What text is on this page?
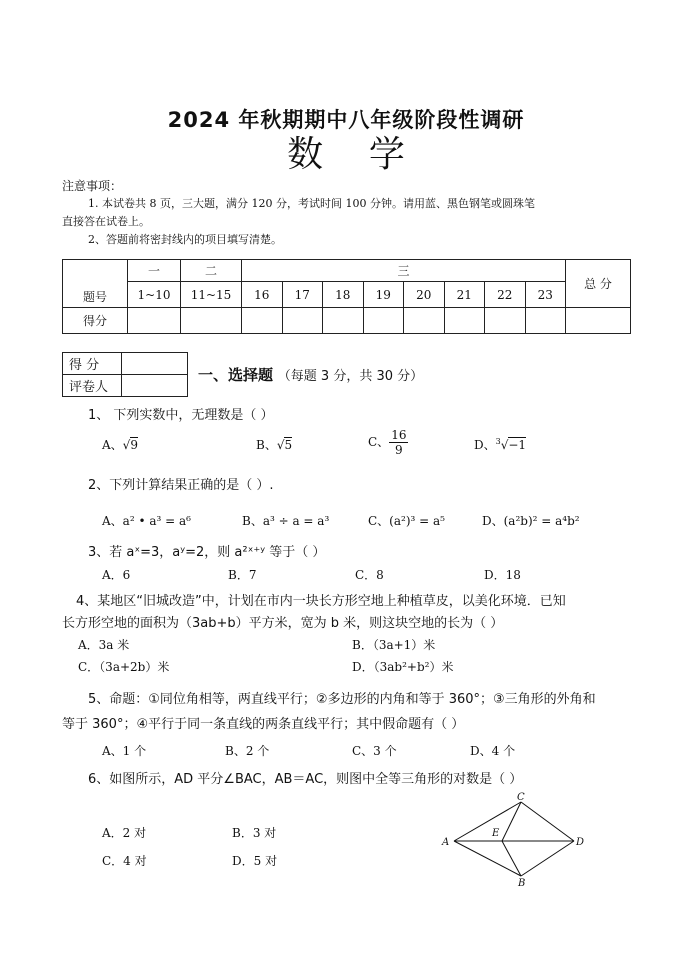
2024 年秋期期中八年级阶段性调研
数    学
注意事项：
1. 本试卷共 8 页，三大题，满分 120 分，考试时间 100 分钟。请用蓝、黑色钢笔或圆珠笔
直接答在试卷上。
2、答题前将密封线内的项目填写清楚。
题号	一	二	三								总 分
	1~10	11~15	16	17	18	19	20	21	22	23	
得分											
得 分	
评卷人	
一、选择题 （每题 3 分，共 30 分）
1、 下列实数中，无理数是（ ）
A、√9	B、√5	C、 $\frac{16}{9}$	D、$^3$√−1
2、下列计算结果正确的是（ ）.
A、a² • a³ = a⁶	B、a³ ÷ a = a³	C、(a²)³ = a⁵	D、(a²b)² = a⁴b²
3、若 aˣ=3，aʸ=2，则 a²ˣ⁺ʸ 等于（ ）
A．6	B．7	C．8	D．18
4、某地区“旧城改造”中，计划在市内一块长方形空地上种植草皮，以美化环境．已知
长方形空地的面积为（3ab+b）平方米，宽为 b 米，则这块空地的长为（ ）
A．3a 米	B．（3a+1）米
C．（3a+2b）米	D．（3ab²+b²）米
5、命题：①同位角相等，两直线平行；②多边形的内角和等于 360°；③三角形的外角和
等于 360°；④平行于同一条直线的两条直线平行；其中假命题有（ ）
A、1 个	B、2 个	C、3 个	D、4 个
6、如图所示，AD 平分∠BAC，AB＝AC，则图中全等三角形的对数是（ ）
A．2 对	B．3 对
C．4 对	D．5 对
A
C
D
B
E
